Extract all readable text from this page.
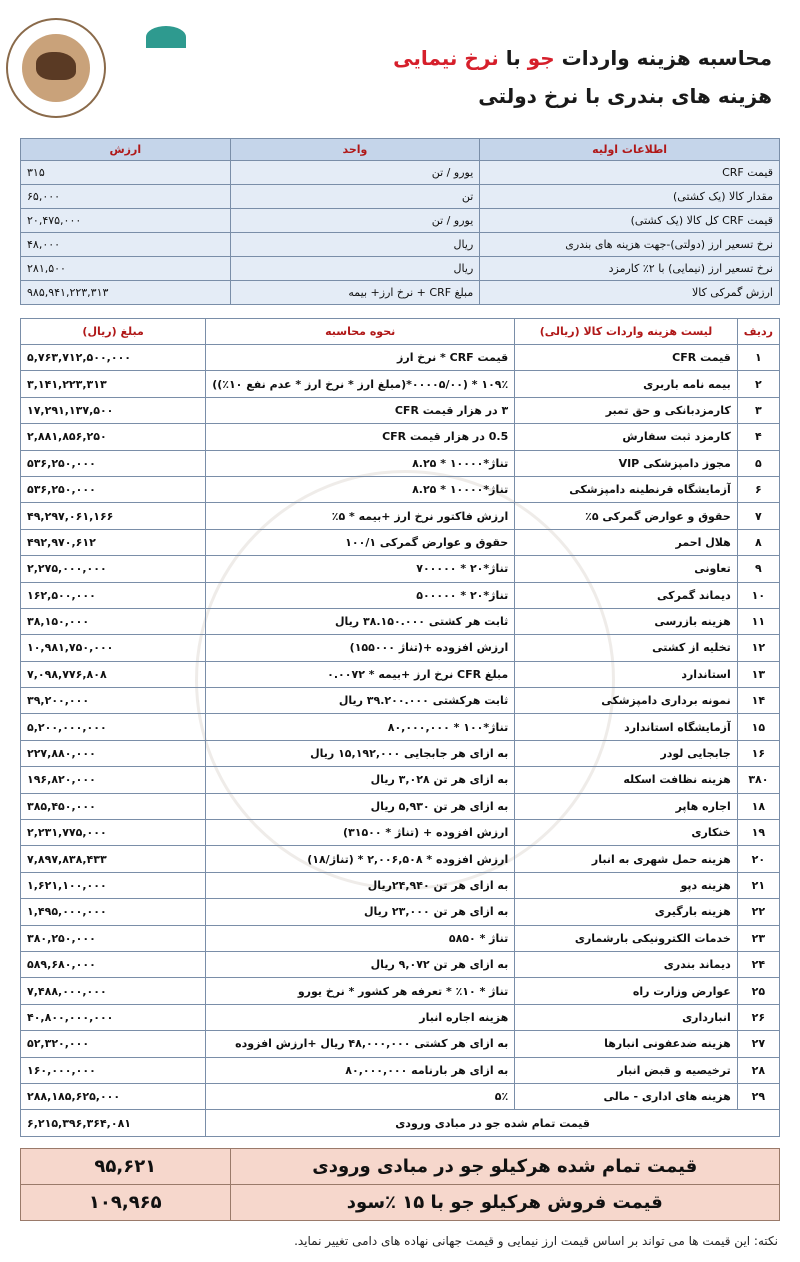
محاسبه هزینه واردات جو با نرخ نیمایی
هزینه های بندری با نرخ دولتی
اطلاعات اولیه	واحد	ارزش
قیمت CRF	یورو / تن	۳۱۵
مقدار کالا (یک کشتی)	تن	۶۵,۰۰۰
قیمت CRF کل کالا (یک کشتی)	یورو / تن	۲۰,۴۷۵,۰۰۰
نرخ تسعیر ارز (دولتی)-جهت هزینه های بندری	ریال	۴۸,۰۰۰
نرخ تسعیر ارز (نیمایی) با ۲٪ کارمزد	ریال	۲۸۱,۵۰۰
ارزش گمرکی کالا	مبلغ CRF + نرخ ارز+ بیمه	۹۸۵,۹۴۱,۲۲۳,۳۱۳
ردیف	لیست هزینه واردات کالا (ریالی)	نحوه محاسبه	مبلغ (ریال)
۱	قیمت CFR	قیمت CRF * نرخ ارز	۵,۷۶۳,۷۱۲,۵۰۰,۰۰۰
۲	بیمه نامه باربری	۱۰۹٪ * (۰۰۰۰۵/۰۰*(مبلغ ارز * نرخ ارز * عدم نفع ۱۰٪))	۳,۱۴۱,۲۲۳,۳۱۳
۳	کارمزدبانکی و حق تمبر	۳ در هزار قیمت CFR	۱۷,۲۹۱,۱۳۷,۵۰۰
۴	کارمزد ثبت سفارش	0.5 در هزار قیمت CFR	۲,۸۸۱,۸۵۶,۲۵۰
۵	مجوز دامپزشکی VIP	تناژ*۱۰۰۰۰ * ۸.۲۵	۵۳۶,۲۵۰,۰۰۰
۶	آزمایشگاه قرنطینه دامپزشکی	تناژ*۱۰۰۰۰ * ۸.۲۵	۵۳۶,۲۵۰,۰۰۰
۷	حقوق و عوارض گمرکی ۵٪	ارزش فاکتور نرخ ارز +بیمه * ۵٪	۴۹,۲۹۷,۰۶۱,۱۶۶
۸	هلال احمر	حقوق و عوارض گمرکی ۱۰۰/۱	۴۹۲,۹۷۰,۶۱۲
۹	تعاونی	تناژ*۲۰ * ۷۰۰۰۰۰	۲,۲۷۵,۰۰۰,۰۰۰
۱۰	دیماند گمرکی	تناژ*۲۰ * ۵۰۰۰۰۰	۱۶۲,۵۰۰,۰۰۰
۱۱	هزینه بازرسی	ثابت هر کشتی ۳۸.۱۵۰.۰۰۰ ریال	۳۸,۱۵۰,۰۰۰
۱۲	تخلیه از کشتی	ارزش افزوده +(تناژ ۱۵۵۰۰۰)	۱۰,۹۸۱,۷۵۰,۰۰۰
۱۳	استاندارد	مبلغ CFR نرخ ارز +بیمه * ۰.۰۰۷۲	۷,۰۹۸,۷۷۶,۸۰۸
۱۴	نمونه برداری دامپزشکی	ثابت هرکشتی ۳۹.۲۰۰.۰۰۰ ریال	۳۹,۲۰۰,۰۰۰
۱۵	آزمایشگاه استاندارد	تناژ*۱۰۰ * ۸۰,۰۰۰,۰۰۰	۵,۲۰۰,۰۰۰,۰۰۰
۱۶	جابجایی لودر	به ازای هر جابجایی ۱۵,۱۹۲,۰۰۰ ریال	۲۲۷,۸۸۰,۰۰۰
۳۸۰	هزینه نظافت اسکله	به ازای هر تن ۳,۰۲۸ ریال	۱۹۶,۸۲۰,۰۰۰
۱۸	اجاره هاپر	به ازای هر تن ۵,۹۳۰ ریال	۳۸۵,۴۵۰,۰۰۰
۱۹	خنکاری	ارزش افزوده + (تناژ * ۳۱۵۰۰)	۲,۲۳۱,۷۷۵,۰۰۰
۲۰	هزینه حمل شهری به انبار	ارزش افزوده * ۲,۰۰۶,۵۰۸ * (تناژ/۱۸)	۷,۸۹۷,۸۳۸,۴۳۳
۲۱	هزینه دپو	به ازای هر تن ۲۴,۹۴۰ریال	۱,۶۲۱,۱۰۰,۰۰۰
۲۲	هزینه بارگیری	به ازای هر تن ۲۳,۰۰۰ ریال	۱,۴۹۵,۰۰۰,۰۰۰
۲۳	خدمات الکترونیکی بارشماری	تناژ * ۵۸۵۰	۳۸۰,۲۵۰,۰۰۰
۲۴	دیماند بندری	به ازای هر تن ۹,۰۷۲ ریال	۵۸۹,۶۸۰,۰۰۰
۲۵	عوارض وزارت راه	تناژ * ۱۰٪ * تعرفه هر کشور * نرخ یورو	۷,۴۸۸,۰۰۰,۰۰۰
۲۶	انبارداری	هزینه اجاره انبار	۴۰,۸۰۰,۰۰۰,۰۰۰
۲۷	هزینه ضدعفونی انبارها	به ازای هر کشتی ۴۸,۰۰۰,۰۰۰ ریال +ارزش افزوده	۵۲,۳۲۰,۰۰۰
۲۸	ترخیصیه و قبض انبار	به ازای هر بارنامه ۸۰,۰۰۰,۰۰۰	۱۶۰,۰۰۰,۰۰۰
۲۹	هزینه های اداری - مالی	۵٪	۲۸۸,۱۸۵,۶۲۵,۰۰۰
قیمت تمام شده جو در مبادی ورودی			۶,۲۱۵,۳۹۶,۳۶۴,۰۸۱
قیمت تمام شده هرکیلو جو در مبادی ورودی	۹۵,۶۲۱
قیمت فروش هرکیلو جو با ۱۵ ٪سود	۱۰۹,۹۶۵
نکته: این قیمت ها می تواند بر اساس قیمت ارز نیمایی و قیمت جهانی نهاده های دامی تغییر نماید.
